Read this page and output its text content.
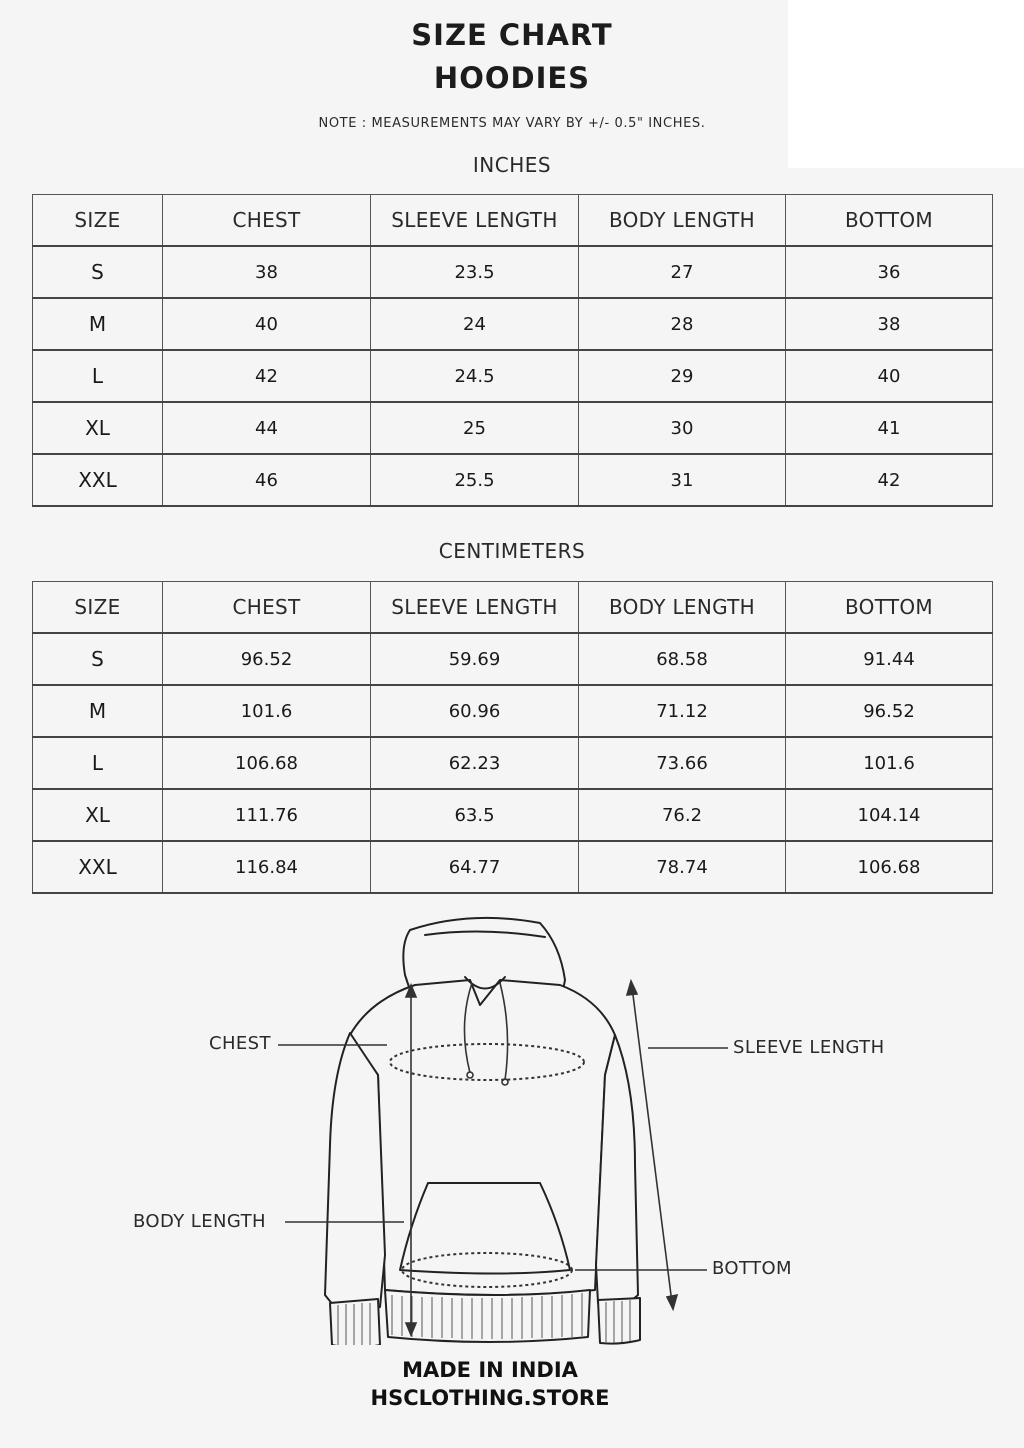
SIZE CHART
HOODIES
NOTE : MEASUREMENTS MAY VARY BY +/- 0.5" INCHES.
INCHES
SIZE	CHEST	SLEEVE LENGTH	BODY LENGTH	BOTTOM
S	38	23.5	27	36
M	40	24	28	38
L	42	24.5	29	40
XL	44	25	30	41
XXL	46	25.5	31	42
CENTIMETERS
SIZE	CHEST	SLEEVE LENGTH	BODY LENGTH	BOTTOM
S	96.52	59.69	68.58	91.44
M	101.6	60.96	71.12	96.52
L	106.68	62.23	73.66	101.6
XL	111.76	63.5	76.2	104.14
XXL	116.84	64.77	78.74	106.68
CHEST	SLEEVE LENGTH
BODY LENGTH
BOTTOM
MADE IN INDIA
HSCLOTHING.STORE
